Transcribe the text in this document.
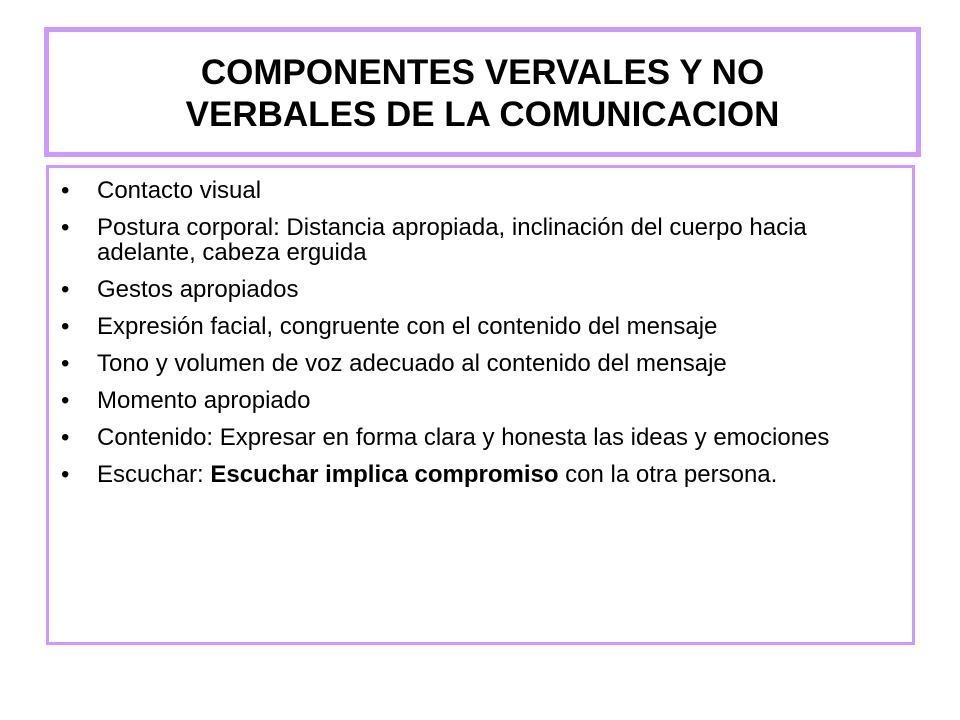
COMPONENTES VERVALES Y NO
VERBALES DE LA COMUNICACION
• Contacto visual
• Postura corporal: Distancia apropiada, inclinación del cuerpo hacia adelante, cabeza erguida
• Gestos apropiados
• Expresión facial, congruente con el contenido del mensaje
• Tono y volumen de voz adecuado al contenido del mensaje
• Momento apropiado
• Contenido: Expresar en forma clara y honesta las ideas y emociones
• Escuchar: Escuchar implica compromiso con la otra persona.
